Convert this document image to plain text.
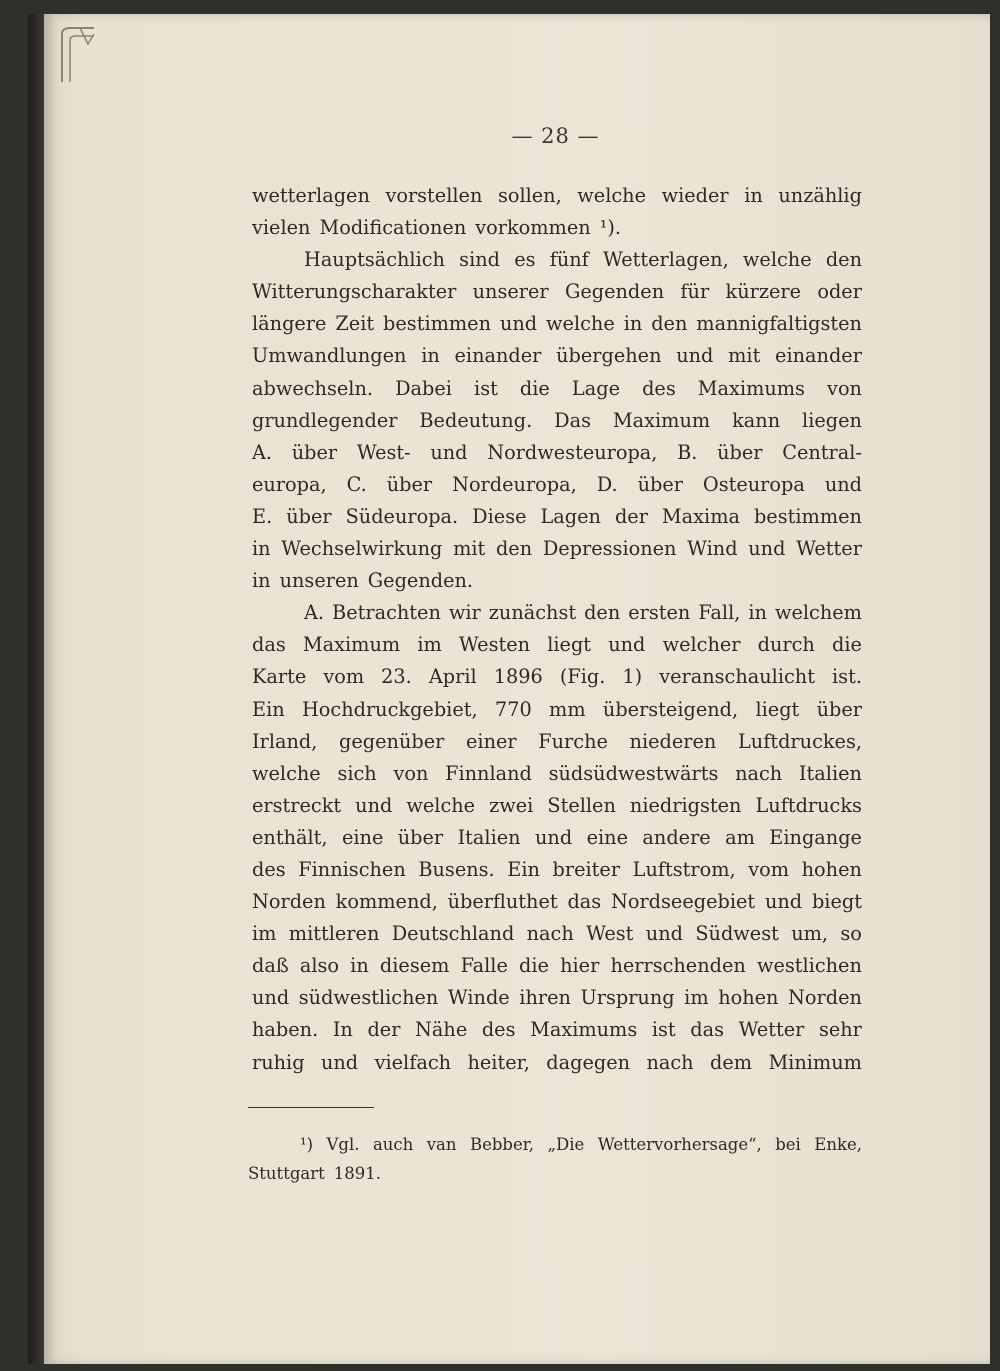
— 28 —
wetterlagen vorstellen sollen, welche wieder in unzählig
vielen Modificationen vorkommen ¹).
Hauptsächlich sind es fünf Wetterlagen, welche den
Witterungscharakter unserer Gegenden für kürzere oder
längere Zeit bestimmen und welche in den mannigfaltigsten
Umwandlungen in einander übergehen und mit einander
abwechseln. Dabei ist die Lage des Maximums von
grundlegender Bedeutung. Das Maximum kann liegen
A. über West- und Nordwesteuropa, B. über Central-
europa, C. über Nordeuropa, D. über Osteuropa und
E. über Südeuropa. Diese Lagen der Maxima bestimmen
in Wechselwirkung mit den Depressionen Wind und Wetter
in unseren Gegenden.
A. Betrachten wir zunächst den ersten Fall, in welchem
das Maximum im Westen liegt und welcher durch die
Karte vom 23. April 1896 (Fig. 1) veranschaulicht ist.
Ein Hochdruckgebiet, 770 mm übersteigend, liegt über
Irland, gegenüber einer Furche niederen Luftdruckes,
welche sich von Finnland südsüdwestwärts nach Italien
erstreckt und welche zwei Stellen niedrigsten Luftdrucks
enthält, eine über Italien und eine andere am Eingange
des Finnischen Busens. Ein breiter Luftstrom, vom hohen
Norden kommend, überfluthet das Nordseegebiet und biegt
im mittleren Deutschland nach West und Südwest um, so
daß also in diesem Falle die hier herrschenden westlichen
und südwestlichen Winde ihren Ursprung im hohen Norden
haben. In der Nähe des Maximums ist das Wetter sehr
ruhig und vielfach heiter, dagegen nach dem Minimum
¹) Vgl. auch van Bebber, „Die Wettervorhersage“, bei Enke,
Stuttgart 1891.
